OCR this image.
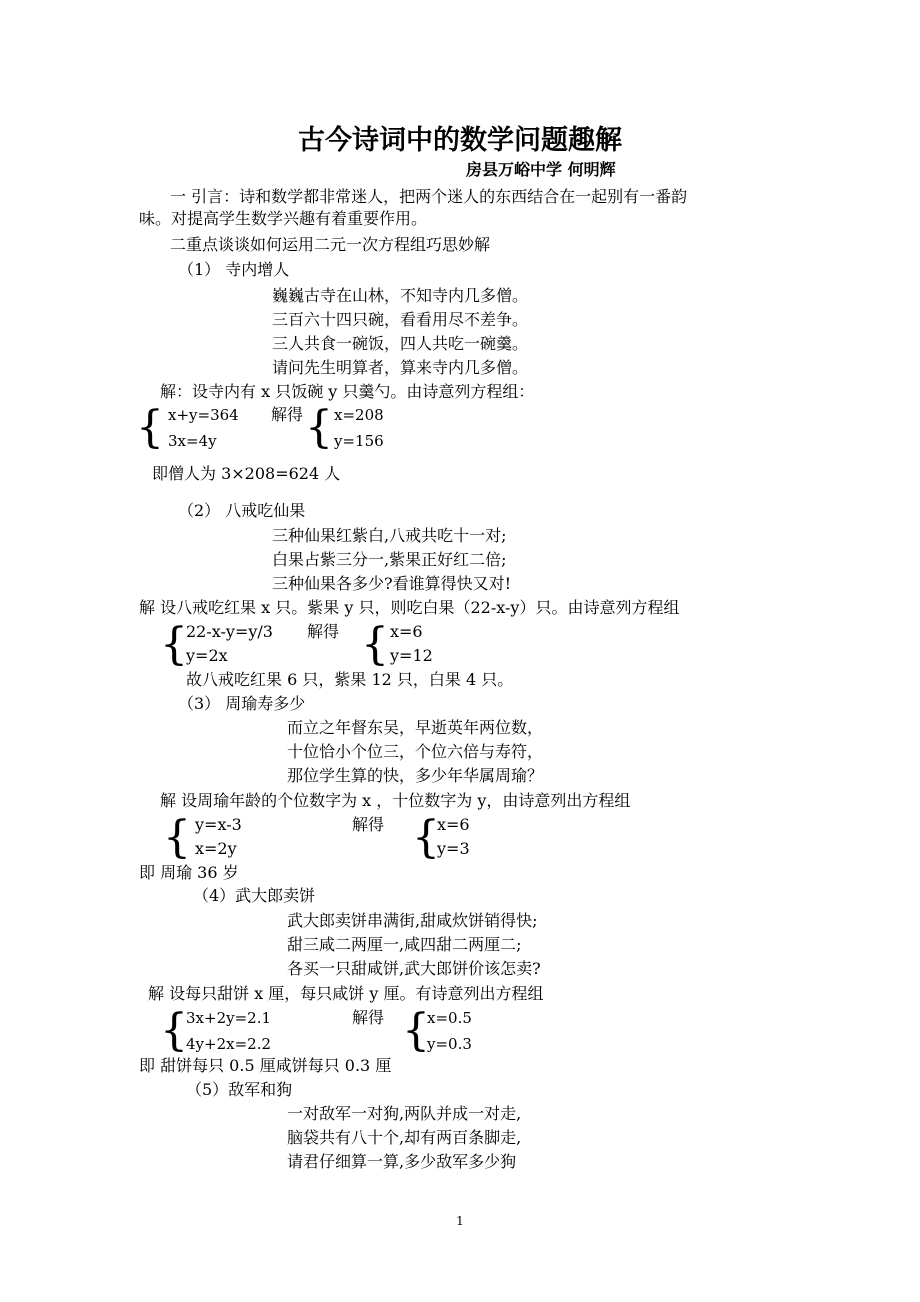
古今诗词中的数学问题趣解
房县万峪中学 何明辉
一 引言：诗和数学都非常迷人，把两个迷人的东西结合在一起别有一番韵
味。对提高学生数学兴趣有着重要作用。
二重点谈谈如何运用二元一次方程组巧思妙解
（1） 寺内增人
巍巍古寺在山林，不知寺内几多僧。
三百六十四只碗，看看用尽不差争。
三人共食一碗饭，四人共吃一碗羹。
请问先生明算者，算来寺内几多僧。
解：设寺内有 x 只饭碗 y 只羹勺。由诗意列方程组：
{ x+y=364
3x=4y
解得 { x=208
y=156
即僧人为 3×208=624 人
（2） 八戒吃仙果
三种仙果红紫白,八戒共吃十一对;
白果占紫三分一,紫果正好红二倍;
三种仙果各多少?看谁算得快又对!
解 设八戒吃红果 x 只。紫果 y 只，则吃白果（22-x-y）只。由诗意列方程组
{
22-x-y=y/3
y=2x
解得 { x=6
y=12
故八戒吃红果 6 只，紫果 12 只，白果 4 只。
（3） 周瑜寿多少
而立之年督东吴，早逝英年两位数，
十位恰小个位三，个位六倍与寿符，
那位学生算的快，多少年华属周瑜？
解 设周瑜年龄的个位数字为 x ，十位数字为 y，由诗意列出方程组
{ y=x-3
x=2y
解得 {
x=6
y=3
即 周瑜 36 岁
（4）武大郎卖饼
武大郎卖饼串满街,甜咸炊饼销得快;
甜三咸二两厘一,咸四甜二两厘二;
各买一只甜咸饼,武大郎饼价该怎卖?
解 设每只甜饼 x 厘，每只咸饼 y 厘。有诗意列出方程组
{
3x+2y=2.1
4y+2x=2.2
解得 {
x=0.5
y=0.3
即 甜饼每只 0.5 厘咸饼每只 0.3 厘
（5）敌军和狗
一对敌军一对狗,两队并成一对走,
脑袋共有八十个,却有两百条脚走,
请君仔细算一算,多少敌军多少狗
1
